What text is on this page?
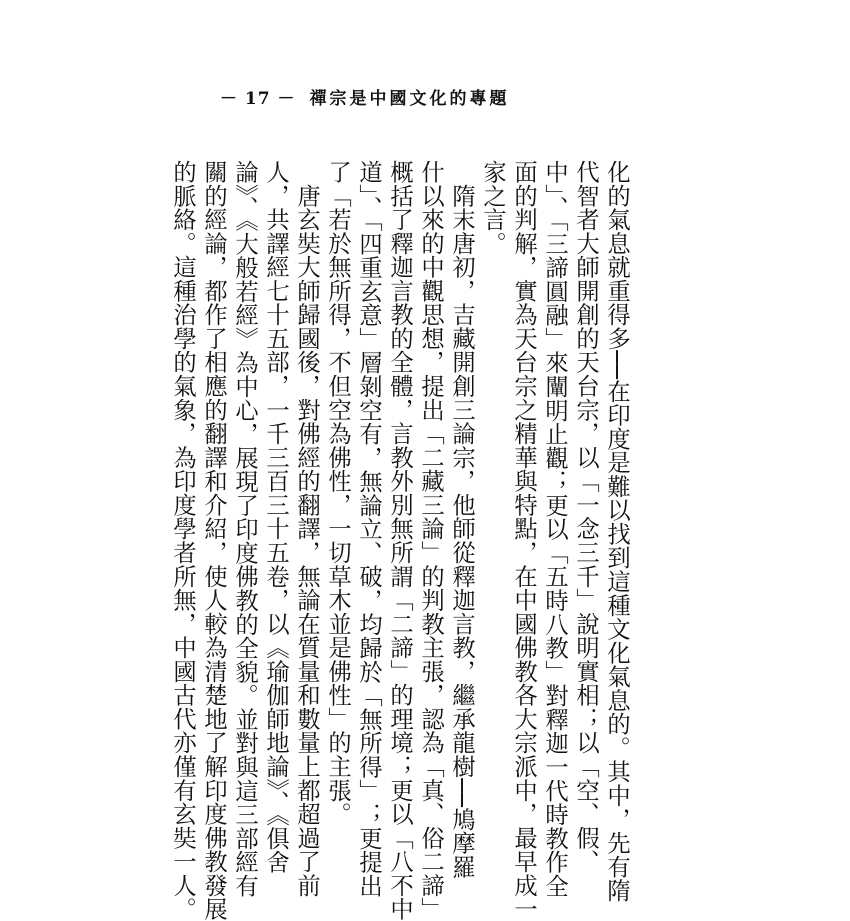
－ 17 － 禪宗是中國文化的專題
化的氣息就重得多──在印度是難以找到這種文化氣息的。其中，先有隋
代智者大師開創的天台宗，以「一念三千」說明實相；以「空、假、
中」、「三諦圓融」來闡明止觀；更以「五時八教」對釋迦一代時教作全
面的判解，實為天台宗之精華與特點，在中國佛教各大宗派中，最早成一
家之言。
　隋末唐初，吉藏開創三論宗，他師從釋迦言教，繼承龍樹──鳩摩羅
什以來的中觀思想，提出「二藏三論」的判教主張，認為「真、俗二諦」
概括了釋迦言教的全體，言教外別無所謂「二諦」的理境；更以「八不中
道」、「四重玄意」層剝空有，無論立、破，均歸於「無所得」；更提出
了「若於無所得，不但空為佛性，一切草木並是佛性」的主張。
　唐玄奘大師歸國後，對佛經的翻譯，無論在質量和數量上都超過了前
人，共譯經七十五部，一千三百三十五卷，以《瑜伽師地論》、《俱舍
論》、《大般若經》為中心，展現了印度佛教的全貌。並對與這三部經有
關的經論，都作了相應的翻譯和介紹，使人較為清楚地了解印度佛教發展
的脈絡。這種治學的氣象，為印度學者所無，中國古代亦僅有玄奘一人。
